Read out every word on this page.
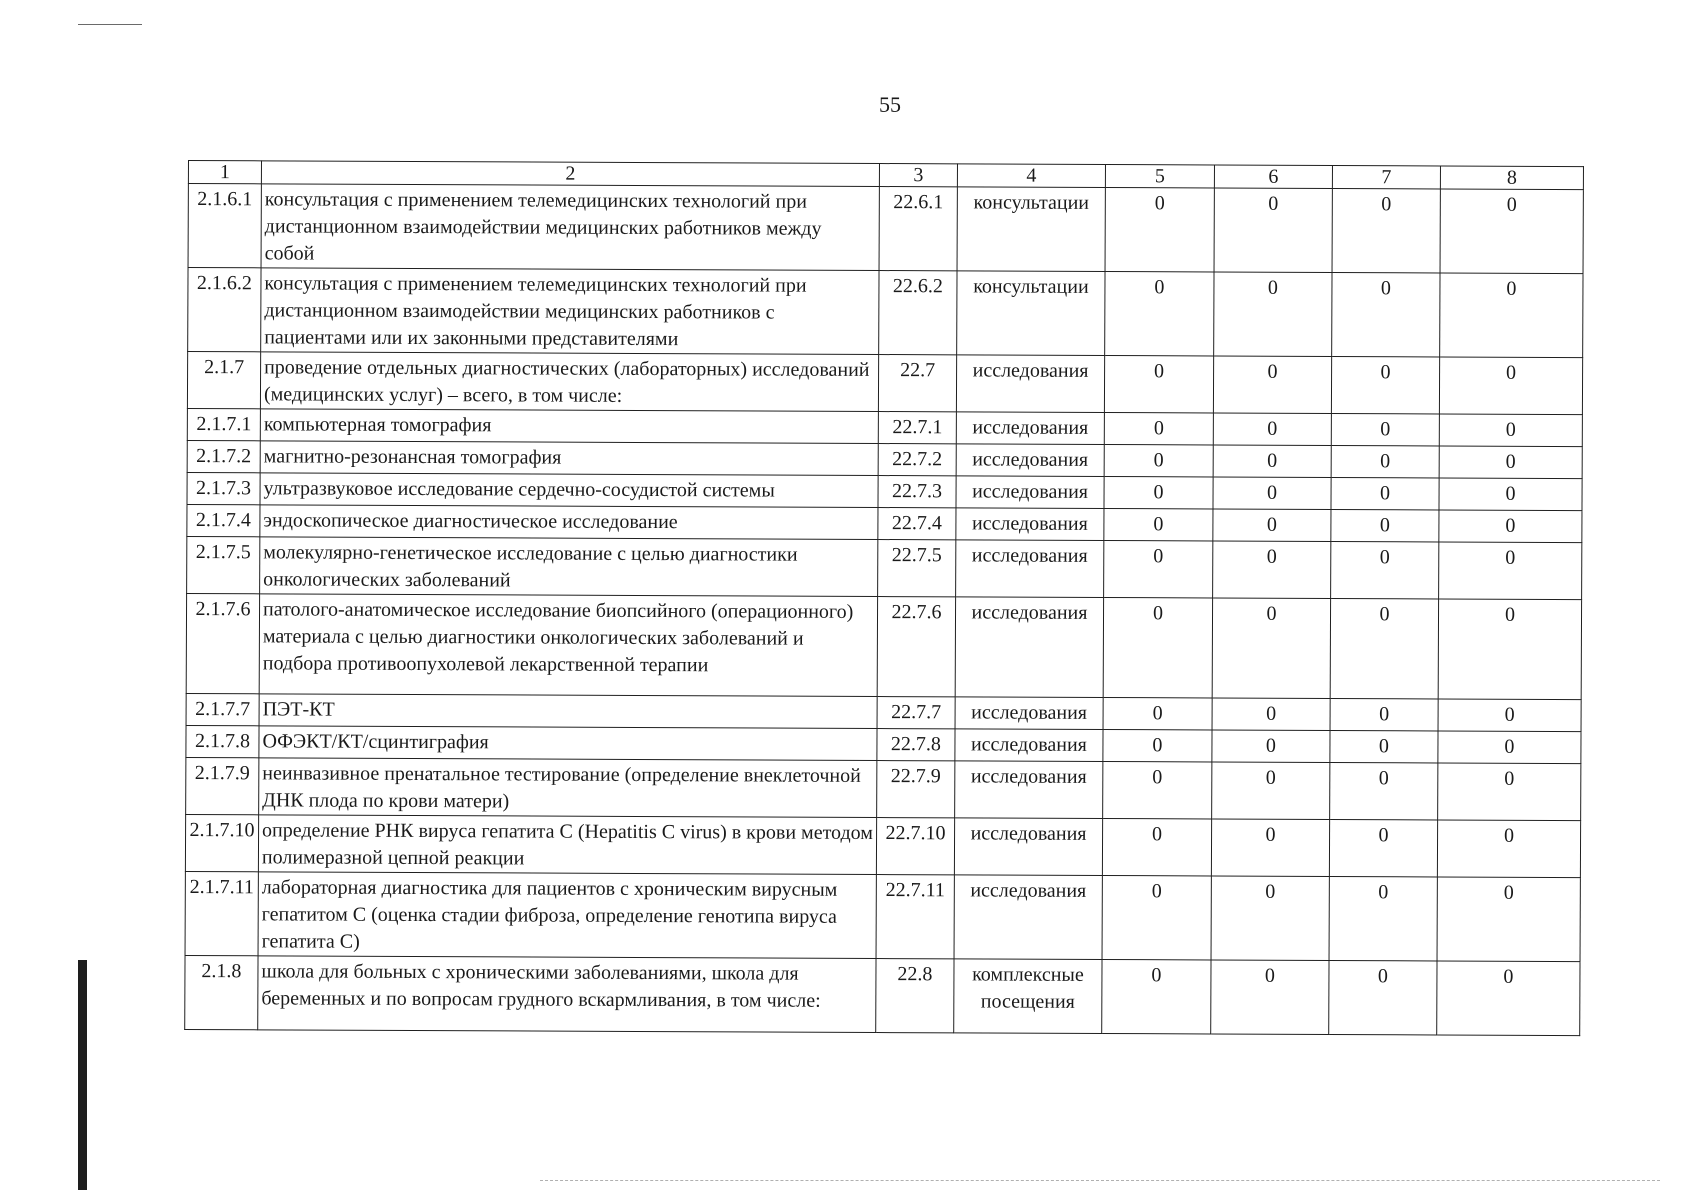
55
1	2	3	4	5	6	7	8
2.1.6.1	консультация с применением телемедицинских технологий при дистанционном взаимодействии медицинских работников между собой	22.6.1	консультации	0	0	0	0
2.1.6.2	консультация с применением телемедицинских технологий при дистанционном взаимодействии медицинских работников с пациентами или их законными представителями	22.6.2	консультации	0	0	0	0
2.1.7	проведение отдельных диагностических (лабораторных) исследований (медицинских услуг) – всего, в том числе:	22.7	исследования	0	0	0	0
2.1.7.1	компьютерная томография	22.7.1	исследования	0	0	0	0
2.1.7.2	магнитно-резонансная томография	22.7.2	исследования	0	0	0	0
2.1.7.3	ультразвуковое исследование сердечно-сосудистой системы	22.7.3	исследования	0	0	0	0
2.1.7.4	эндоскопическое диагностическое исследование	22.7.4	исследования	0	0	0	0
2.1.7.5	молекулярно-генетическое исследование с целью диагностики онкологических заболеваний	22.7.5	исследования	0	0	0	0
2.1.7.6	патолого-анатомическое исследование биопсийного (операционного) материала с целью диагностики онкологических заболеваний и подбора противоопухолевой лекарственной терапии	22.7.6	исследования	0	0	0	0
2.1.7.7	ПЭТ-КТ	22.7.7	исследования	0	0	0	0
2.1.7.8	ОФЭКТ/КТ/сцинтиграфия	22.7.8	исследования	0	0	0	0
2.1.7.9	неинвазивное пренатальное тестирование (определение внеклеточной ДНК плода по крови матери)	22.7.9	исследования	0	0	0	0
2.1.7.10	определение РНК вируса гепатита С (Hepatitis C virus) в крови методом полимеразной цепной реакции	22.7.10	исследования	0	0	0	0
2.1.7.11	лабораторная диагностика для пациентов с хроническим вирусным гепатитом С (оценка стадии фиброза, определение генотипа вируса гепатита С)	22.7.11	исследования	0	0	0	0
2.1.8	школа для больных с хроническими заболеваниями, школа для беременных и по вопросам грудного вскармливания, в том числе:	22.8	комплексные посещения	0	0	0	0
